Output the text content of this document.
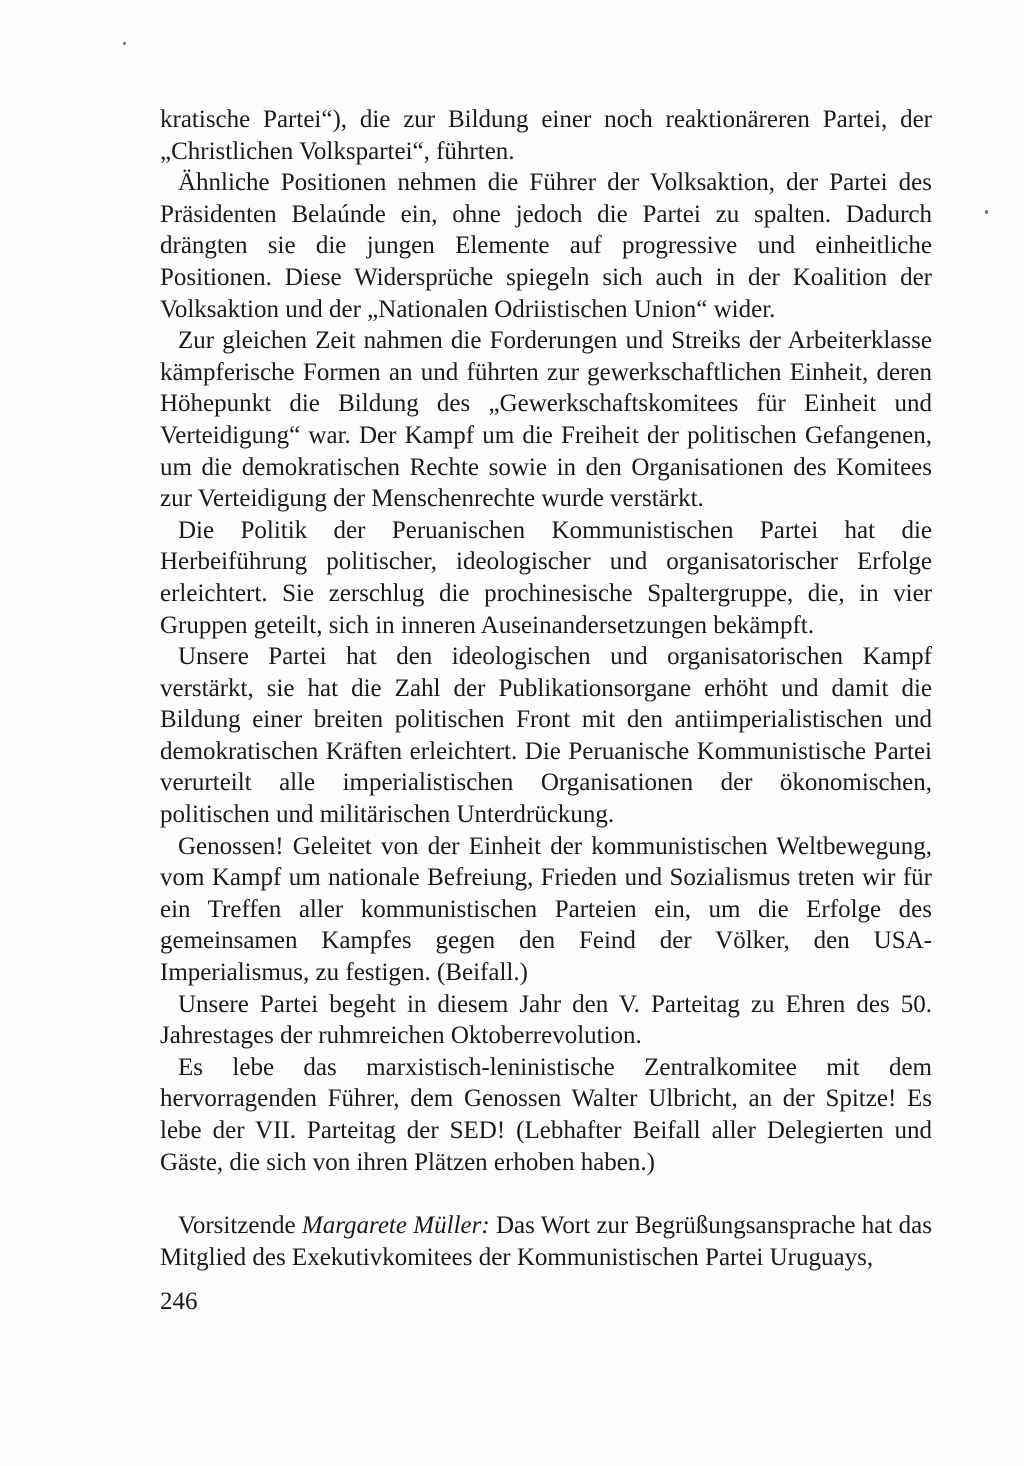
kratische Partei“), die zur Bildung einer noch reaktionäreren Partei, der „Christlichen Volkspartei“, führten.

Ähnliche Positionen nehmen die Führer der Volksaktion, der Partei des Präsidenten Belaúnde ein, ohne jedoch die Partei zu spalten. Dadurch drängten sie die jungen Elemente auf progressive und einheitliche Positionen. Diese Widersprüche spiegeln sich auch in der Koalition der Volksaktion und der „Nationalen Odriistischen Union“ wider.

Zur gleichen Zeit nahmen die Forderungen und Streiks der Arbeiterklasse kämpferische Formen an und führten zur gewerkschaftlichen Einheit, deren Höhepunkt die Bildung des „Gewerkschaftskomitees für Einheit und Verteidigung“ war. Der Kampf um die Freiheit der politischen Gefangenen, um die demokratischen Rechte sowie in den Organisationen des Komitees zur Verteidigung der Menschenrechte wurde verstärkt.

Die Politik der Peruanischen Kommunistischen Partei hat die Herbeiführung politischer, ideologischer und organisatorischer Erfolge erleichtert. Sie zerschlug die prochinesische Spaltergruppe, die, in vier Gruppen geteilt, sich in inneren Auseinandersetzungen bekämpft.

Unsere Partei hat den ideologischen und organisatorischen Kampf verstärkt, sie hat die Zahl der Publikationsorgane erhöht und damit die Bildung einer breiten politischen Front mit den antiimperialistischen und demokratischen Kräften erleichtert. Die Peruanische Kommunistische Partei verurteilt alle imperialistischen Organisationen der ökonomischen, politischen und militärischen Unterdrückung.

Genossen! Geleitet von der Einheit der kommunistischen Weltbewegung, vom Kampf um nationale Befreiung, Frieden und Sozialismus treten wir für ein Treffen aller kommunistischen Parteien ein, um die Erfolge des gemeinsamen Kampfes gegen den Feind der Völker, den USA-Imperialismus, zu festigen. (Beifall.)

Unsere Partei begeht in diesem Jahr den V. Parteitag zu Ehren des 50. Jahrestages der ruhmreichen Oktoberrevolution.

Es lebe das marxistisch-leninistische Zentralkomitee mit dem hervorragenden Führer, dem Genossen Walter Ulbricht, an der Spitze! Es lebe der VII. Parteitag der SED! (Lebhafter Beifall aller Delegierten und Gäste, die sich von ihren Plätzen erhoben haben.)

Vorsitzende Margarete Müller: Das Wort zur Begrüßungsansprache hat das Mitglied des Exekutivkomitees der Kommunistischen Partei Uruguays,

246
